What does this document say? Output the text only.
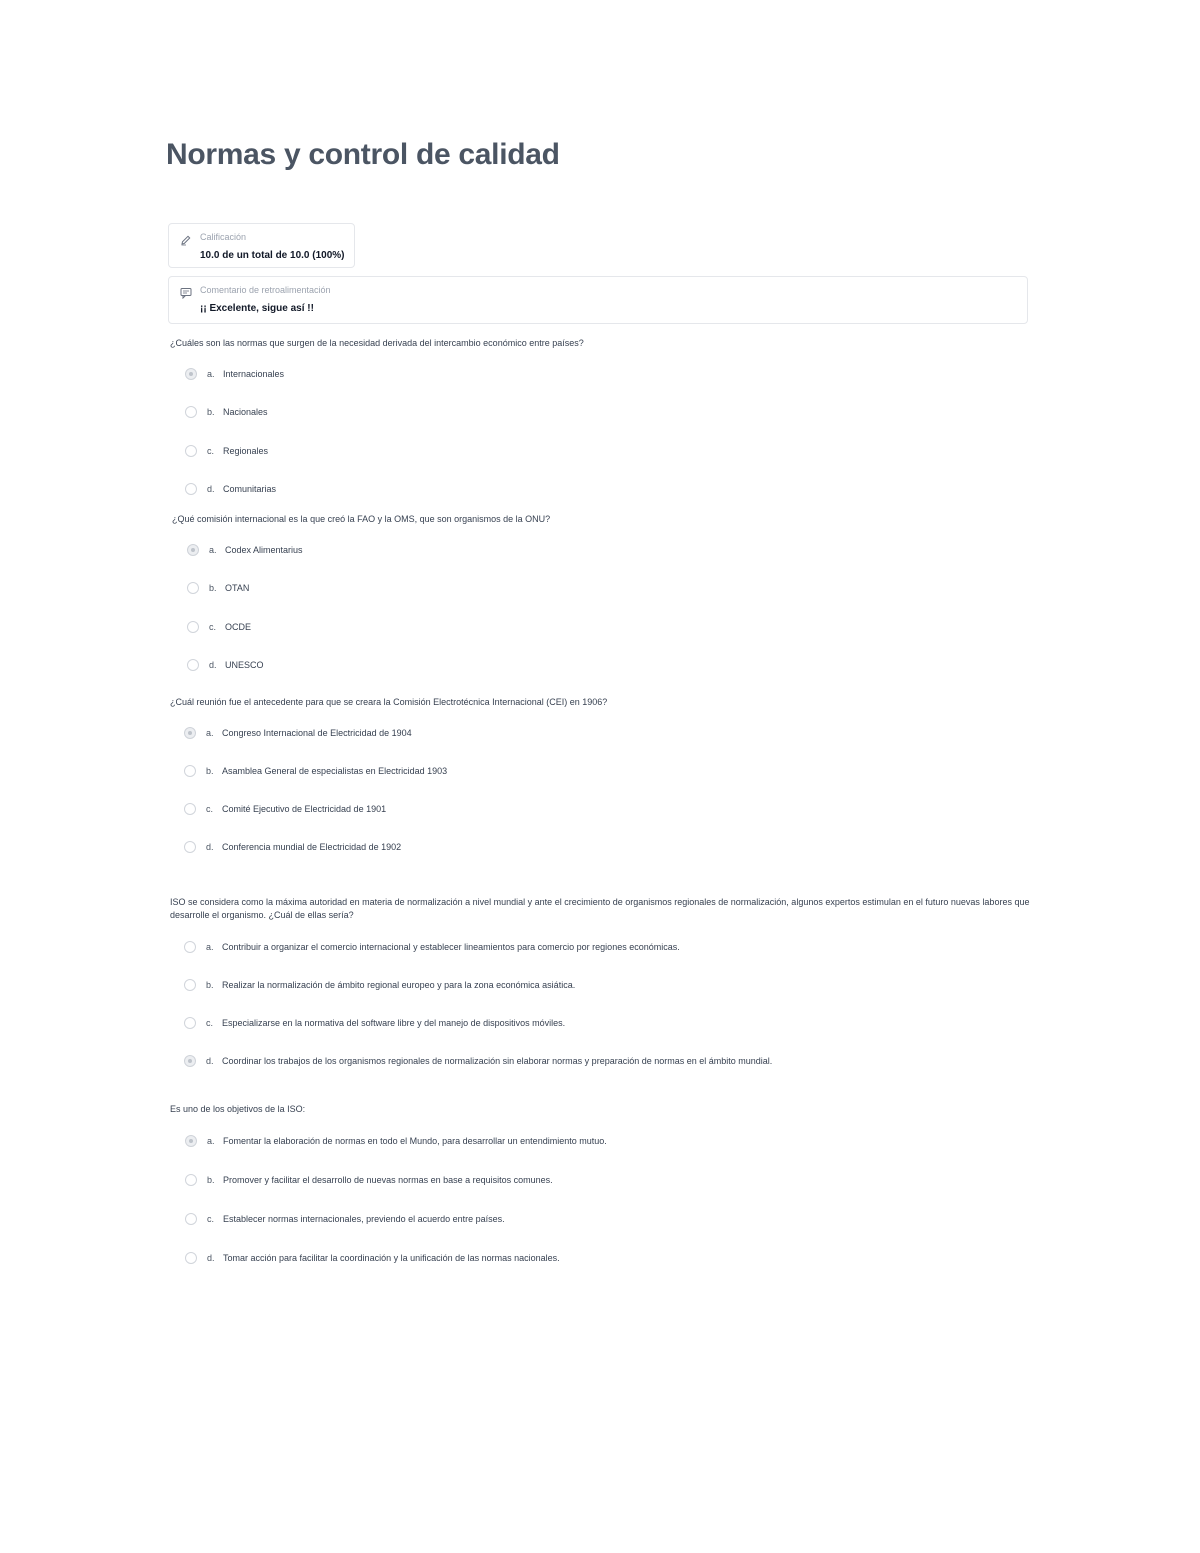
Normas y control de calidad
Calificación
10.0 de un total de 10.0 (100%)
Comentario de retroalimentación
¡¡ Excelente, sigue así !!

¿Cuáles son las normas que surgen de la necesidad derivada del intercambio económico entre países?

a. Internacionales
b. Nacionales
c. Regionales
d. Comunitarias

¿Qué comisión internacional es la que creó la FAO y la OMS, que son organismos de la ONU?

a. Codex Alimentarius
b. OTAN
c. OCDE
d. UNESCO

¿Cuál reunión fue el antecedente para que se creara la Comisión Electrotécnica Internacional (CEI) en 1906?

a. Congreso Internacional de Electricidad de 1904
b. Asamblea General de especialistas en Electricidad 1903
c. Comité Ejecutivo de Electricidad de 1901
d. Conferencia mundial de Electricidad de 1902

ISO se considera como la máxima autoridad en materia de normalización a nivel mundial y ante el crecimiento de organismos regionales de normalización, algunos expertos estimulan en el futuro nuevas labores que desarrolle el organismo. ¿Cuál de ellas sería?

a. Contribuir a organizar el comercio internacional y establecer lineamientos para comercio por regiones económicas.
b. Realizar la normalización de ámbito regional europeo y para la zona económica asiática.
c. Especializarse en la normativa del software libre y del manejo de dispositivos móviles.
d. Coordinar los trabajos de los organismos regionales de normalización sin elaborar normas y preparación de normas en el ámbito mundial.

Es uno de los objetivos de la ISO:

a. Fomentar la elaboración de normas en todo el Mundo, para desarrollar un entendimiento mutuo.
b. Promover y facilitar el desarrollo de nuevas normas en base a requisitos comunes.
c. Establecer normas internacionales, previendo el acuerdo entre países.
d. Tomar acción para facilitar la coordinación y la unificación de las normas nacionales.
